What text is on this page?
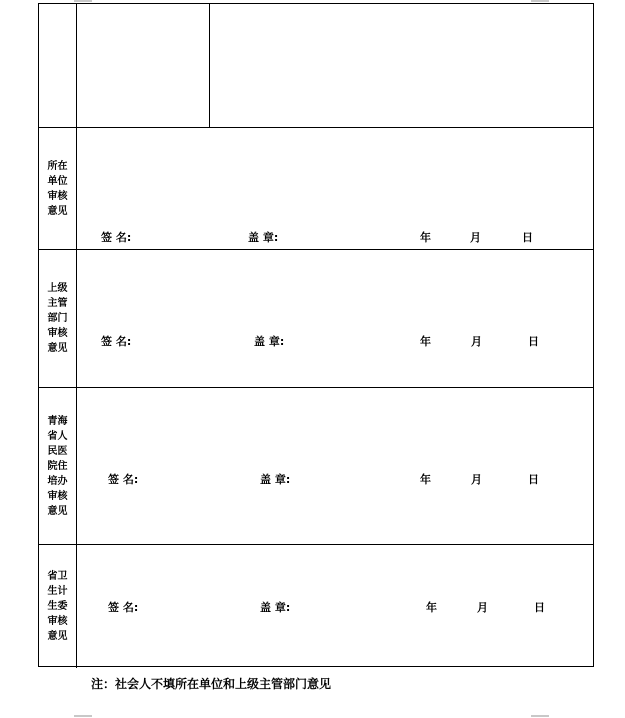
所在
单位
审核
意见
签 名:	盖 章:	年	月	日
上级
主管
部门
审核
意见
签 名:	盖 章:	年	月	日
青海
省人
民医
院住
培办
审核
意见
签 名:	盖 章:	年	月	日
省卫
生计
生委
审核
意见
签 名:	盖 章:	年	月	日
注：社会人不填所在单位和上级主管部门意见
